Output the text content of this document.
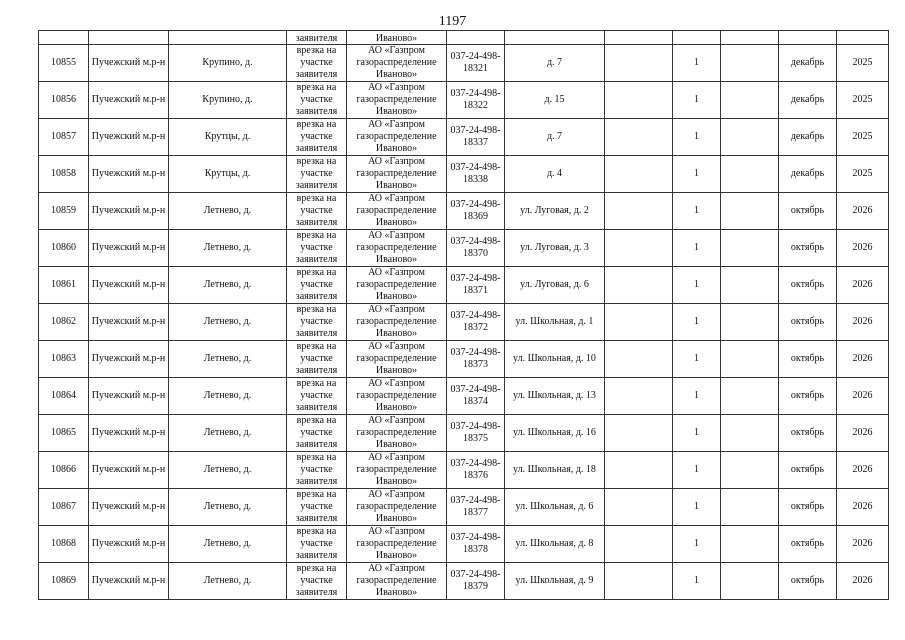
1197
			заявителя	Иваново»							
10855	Пучежский м.р-н	Крупино, д.	врезка на участке заявителя	АО «Газпром газораспределение Иваново»	037-24-498-18321	д. 7		1		декабрь	2025
10856	Пучежский м.р-н	Крупино, д.	врезка на участке заявителя	АО «Газпром газораспределение Иваново»	037-24-498-18322	д. 15		1		декабрь	2025
10857	Пучежский м.р-н	Крутцы, д.	врезка на участке заявителя	АО «Газпром газораспределение Иваново»	037-24-498-18337	д. 7		1		декабрь	2025
10858	Пучежский м.р-н	Крутцы, д.	врезка на участке заявителя	АО «Газпром газораспределение Иваново»	037-24-498-18338	д. 4		1		декабрь	2025
10859	Пучежский м.р-н	Летнево, д.	врезка на участке заявителя	АО «Газпром газораспределение Иваново»	037-24-498-18369	ул. Луговая, д. 2		1		октябрь	2026
10860	Пучежский м.р-н	Летнево, д.	врезка на участке заявителя	АО «Газпром газораспределение Иваново»	037-24-498-18370	ул. Луговая, д. 3		1		октябрь	2026
10861	Пучежский м.р-н	Летнево, д.	врезка на участке заявителя	АО «Газпром газораспределение Иваново»	037-24-498-18371	ул. Луговая, д. 6		1		октябрь	2026
10862	Пучежский м.р-н	Летнево, д.	врезка на участке заявителя	АО «Газпром газораспределение Иваново»	037-24-498-18372	ул. Школьная, д. 1		1		октябрь	2026
10863	Пучежский м.р-н	Летнево, д.	врезка на участке заявителя	АО «Газпром газораспределение Иваново»	037-24-498-18373	ул. Школьная, д. 10		1		октябрь	2026
10864	Пучежский м.р-н	Летнево, д.	врезка на участке заявителя	АО «Газпром газораспределение Иваново»	037-24-498-18374	ул. Школьная, д. 13		1		октябрь	2026
10865	Пучежский м.р-н	Летнево, д.	врезка на участке заявителя	АО «Газпром газораспределение Иваново»	037-24-498-18375	ул. Школьная, д. 16		1		октябрь	2026
10866	Пучежский м.р-н	Летнево, д.	врезка на участке заявителя	АО «Газпром газораспределение Иваново»	037-24-498-18376	ул. Школьная, д. 18		1		октябрь	2026
10867	Пучежский м.р-н	Летнево, д.	врезка на участке заявителя	АО «Газпром газораспределение Иваново»	037-24-498-18377	ул. Школьная, д. 6		1		октябрь	2026
10868	Пучежский м.р-н	Летнево, д.	врезка на участке заявителя	АО «Газпром газораспределение Иваново»	037-24-498-18378	ул. Школьная, д. 8		1		октябрь	2026
10869	Пучежский м.р-н	Летнево, д.	врезка на участке заявителя	АО «Газпром газораспределение Иваново»	037-24-498-18379	ул. Школьная, д. 9		1		октябрь	2026
